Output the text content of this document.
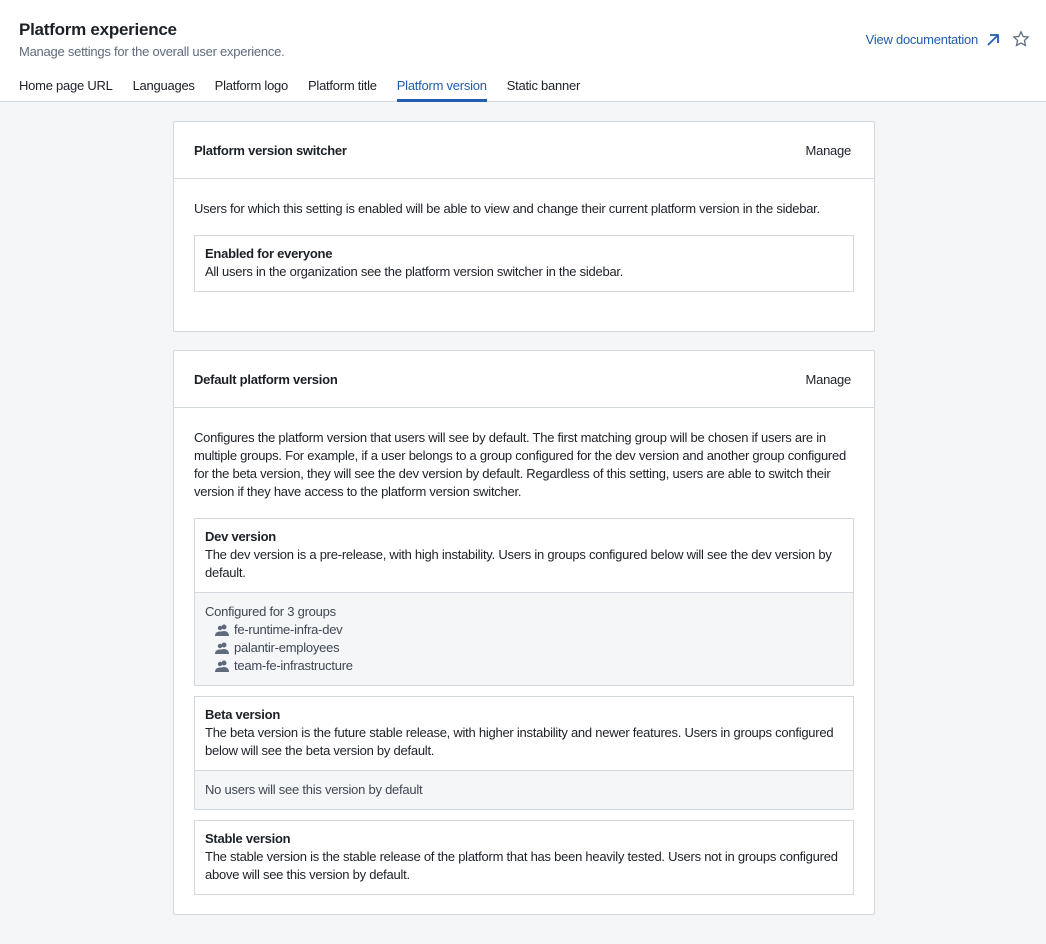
Platform experience
Manage settings for the overall user experience.
View documentation
Home page URL Languages Platform logo Platform title Platform version Static banner
Platform version switcher	Manage
Users for which this setting is enabled will be able to view and change their current platform version in the sidebar.
Enabled for everyone
All users in the organization see the platform version switcher in the sidebar.
Default platform version	Manage
Configures the platform version that users will see by default. The first matching group will be chosen if users are in multiple groups. For example, if a user belongs to a group configured for the dev version and another group configured for the beta version, they will see the dev version by default. Regardless of this setting, users are able to switch their version if they have access to the platform version switcher.
Dev version
The dev version is a pre-release, with high instability. Users in groups configured below will see the dev version by default.
Configured for 3 groups
fe-runtime-infra-dev
palantir-employees
team-fe-infrastructure
Beta version
The beta version is the future stable release, with higher instability and newer features. Users in groups configured below will see the beta version by default.
No users will see this version by default
Stable version
The stable version is the stable release of the platform that has been heavily tested. Users not in groups configured above will see this version by default.
